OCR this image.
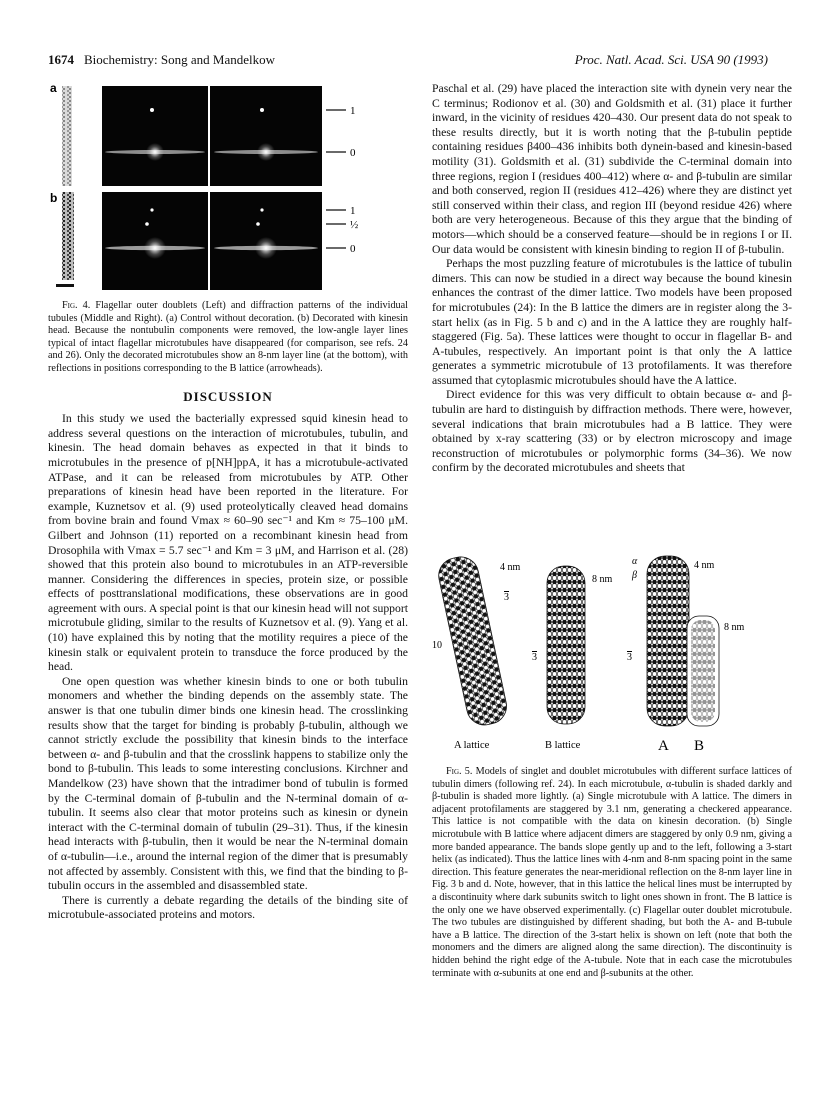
1674 Biochemistry: Song and Mandelkow	Proc. Natl. Acad. Sci. USA 90 (1993)
a
1
0
b
1
½
0

Fig. 4. Flagellar outer doublets (Left) and diffraction patterns of the individual tubules (Middle and Right). (a) Control without decoration. (b) Decorated with kinesin head. Because the nontubulin components were removed, the low-angle layer lines typical of intact flagellar microtubules have disappeared (for comparison, see refs. 24 and 26). Only the decorated microtubules show an 8-nm layer line (at the bottom), with reflections in positions corresponding to the B lattice (arrowheads).

DISCUSSION

In this study we used the bacterially expressed squid kinesin head to address several questions on the interaction of microtubules, tubulin, and kinesin. The head domain behaves as expected in that it binds to microtubules in the presence of p[NH]ppA, it has a microtubule-activated ATPase, and it can be released from microtubules by ATP. Other preparations of kinesin head have been reported in the literature. For example, Kuznetsov et al. (9) used proteolytically cleaved head domains from bovine brain and found Vmax ≈ 60–90 sec⁻¹ and Km ≈ 75–100 μM. Gilbert and Johnson (11) reported on a recombinant kinesin head from Drosophila with Vmax = 5.7 sec⁻¹ and Km = 3 μM, and Harrison et al. (28) showed that this protein also bound to microtubules in an ATP-reversible manner. Considering the differences in species, protein size, or possible effects of posttranslational modifications, these observations are in good agreement with ours. A special point is that our kinesin head will not support microtubule gliding, similar to the results of Kuznetsov et al. (9). Yang et al. (10) have explained this by noting that the motility requires a piece of the kinesin stalk or equivalent protein to transduce the force produced by the head.

One open question was whether kinesin binds to one or both tubulin monomers and whether the binding depends on the assembly state. The answer is that one tubulin dimer binds one kinesin head. The crosslinking results show that the target for binding is probably β-tubulin, although we cannot strictly exclude the possibility that kinesin binds to the interface between α- and β-tubulin and that the crosslink happens to stabilize only the bond to β-tubulin. This leads to some interesting conclusions. Kirchner and Mandelkow (23) have shown that the intradimer bond of tubulin is formed by the C-terminal domain of β-tubulin and the N-terminal domain of α-tubulin. It seems also clear that motor proteins such as kinesin or dynein interact with the C-terminal domain of tubulin (29–31). Thus, if the kinesin head interacts with β-tubulin, then it would be near the N-terminal domain of α-tubulin—i.e., around the internal region of the dimer that is presumably not affected by assembly. Consistent with this, we find that the binding to β-tubulin occurs in the assembled and disassembled state.

There is currently a debate regarding the details of the binding site of microtubule-associated proteins and motors.

Paschal et al. (29) have placed the interaction site with dynein very near the C terminus; Rodionov et al. (30) and Goldsmith et al. (31) place it further inward, in the vicinity of residues 420–430. Our present data do not speak to these results directly, but it is worth noting that the β-tubulin peptide containing residues β400–436 inhibits both dynein-based and kinesin-based motility (31). Goldsmith et al. (31) subdivide the C-terminal domain into three regions, region I (residues 400–412) where α- and β-tubulin are similar and both conserved, region II (residues 412–426) where they are distinct yet still conserved within their class, and region III (beyond residue 426) where both are very heterogeneous. Because of this they argue that the binding of motors—which should be a conserved feature—should be in regions I or II. Our data would be consistent with kinesin binding to region II of β-tubulin.

Perhaps the most puzzling feature of microtubules is the lattice of tubulin dimers. This can now be studied in a direct way because the bound kinesin enhances the contrast of the dimer lattice. Two models have been proposed for microtubules (24): In the B lattice the dimers are in register along the 3-start helix (as in Fig. 5 b and c) and in the A lattice they are roughly half-staggered (Fig. 5a). These lattices were thought to occur in flagellar B- and A-tubules, respectively. An important point is that only the A lattice generates a symmetric microtubule of 13 protofilaments. It was therefore assumed that cytoplasmic microtubules should have the A lattice.

Direct evidence for this was very difficult to obtain because α- and β-tubulin are hard to distinguish by diffraction methods. There were, however, several indications that brain microtubules had a B lattice. They were obtained by x-ray scattering (33) or by electron microscopy and image reconstruction of microtubules or polymorphic forms (34–36). We now confirm by the decorated microtubules and sheets that

4 nm
3
10
A lattice
8 nm
3
B lattice
α
β
4 nm
8 nm
3
A B

Fig. 5. Models of singlet and doublet microtubules with different surface lattices of tubulin dimers (following ref. 24). In each microtubule, α-tubulin is shaded darkly and β-tubulin is shaded more lightly. (a) Single microtubule with A lattice. The dimers in adjacent protofilaments are staggered by 3.1 nm, generating a checkered appearance. This lattice is not compatible with the data on kinesin decoration. (b) Single microtubule with B lattice where adjacent dimers are staggered by only 0.9 nm, giving a more banded appearance. The bands slope gently up and to the left, following a 3-start helix (as indicated). Thus the lattice lines with 4-nm and 8-nm spacing point in the same direction. This feature generates the near-meridional reflection on the 8-nm layer line in Fig. 3 b and d. Note, however, that in this lattice the helical lines must be interrupted by a discontinuity where dark subunits switch to light ones shown in front. The B lattice is the only one we have observed experimentally. (c) Flagellar outer doublet microtubule. The two tubules are distinguished by different shading, but both the A- and B-tubule have a B lattice. The direction of the 3-start helix is shown on left (note that both the monomers and the dimers are aligned along the same direction). The discontinuity is hidden behind the right edge of the A-tubule. Note that in each case the microtubules terminate with α-subunits at one end and β-subunits at the other.
